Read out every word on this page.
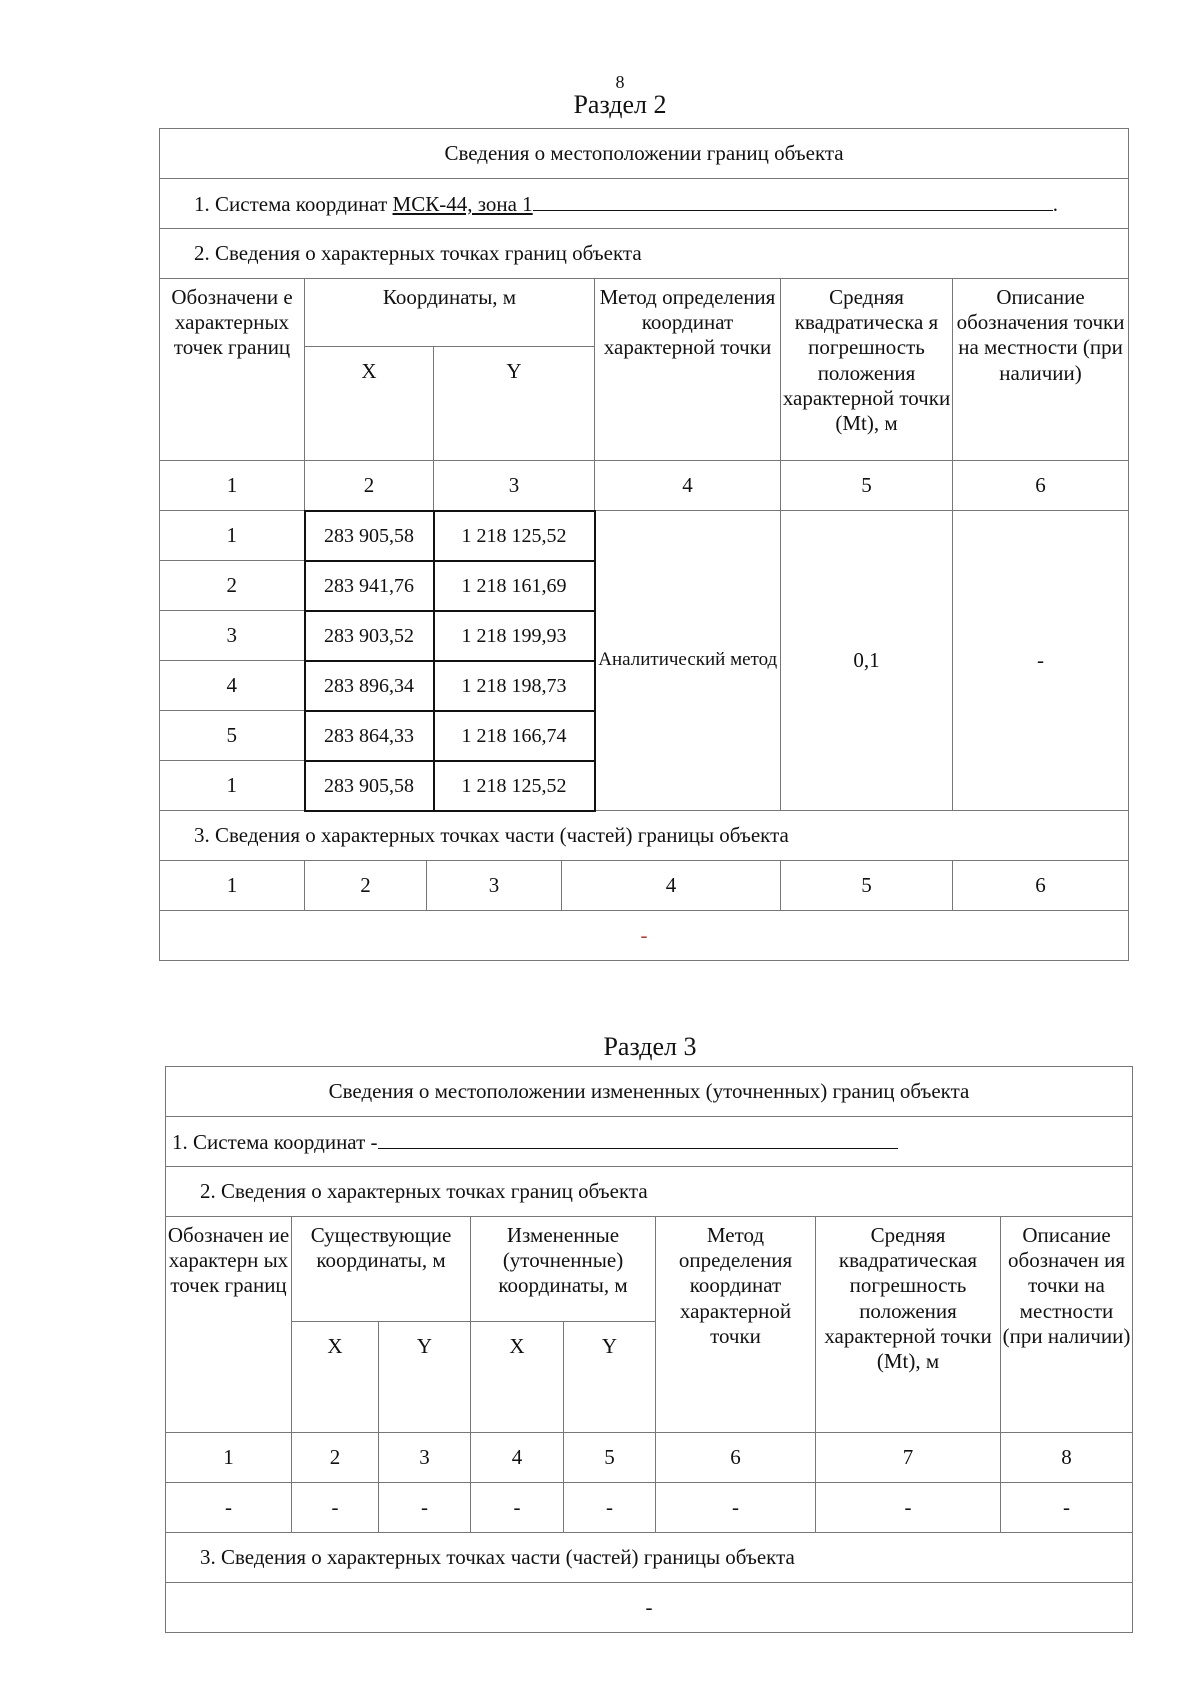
8
Раздел 2
Сведения о местоположении границ объекта							
1. Система координат МСК-44, зона 1 .							
2. Сведения о характерных точках границ объекта							
Обозначени е характерных точек границ	Координаты, м				Метод определения координат характерной точки	Средняя квадратическа я погрешность положения характерной точки (Mt), м	Описание обозначения точки на местности (при наличии)
	X		Y				
1	2		3		4	5	6
1	283 905,58		1 218 125,52		Аналитический метод	0,1	-
2	283 941,76		1 218 161,69				
3	283 903,52		1 218 199,93				
4	283 896,34		1 218 198,73				
5	283 864,33		1 218 166,74				
1	283 905,58		1 218 125,52				
3. Сведения о характерных точках части (частей) границы объекта							
1	2	3		4		5	6
-							
Раздел 3
Сведения о местоположении измененных (уточненных) границ объекта							
1. Система координат -							
2. Сведения о характерных точках границ объекта							
Обозначен ие характерн ых точек границ	Существующие координаты, м		Измененные (уточненные) координаты, м		Метод определения координат характерной точки	Средняя квадратическая погрешность положения характерной точки (Mt), м	Описание обозначен ия точки на местности (при наличии)
	X	Y	X	Y			
1	2	3	4	5	6	7	8
-	-	-	-	-	-	-	-
3. Сведения о характерных точках части (частей) границы объекта							
-							
